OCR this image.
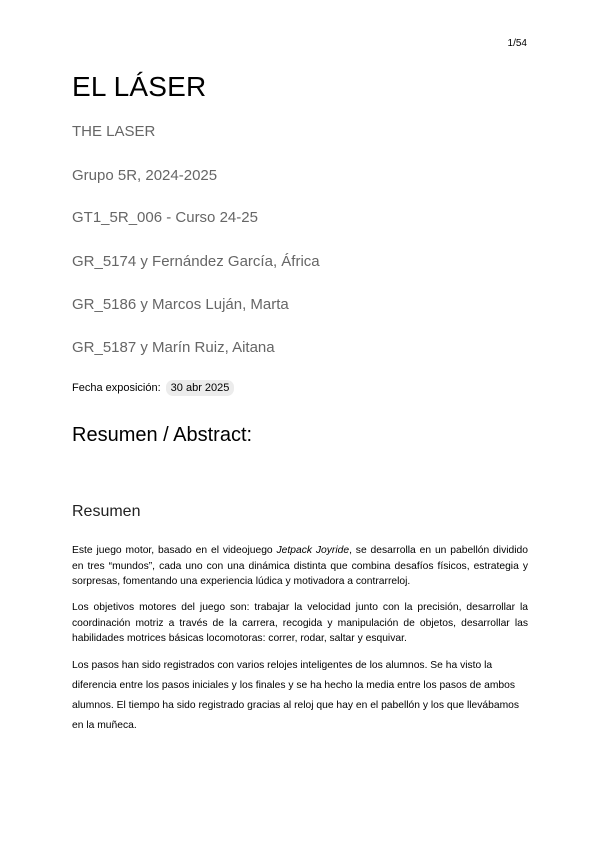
1/54
EL LÁSER

THE LASER

Grupo 5R, 2024-2025

GT1_5R_006 - Curso 24-25

GR_5174 y Fernández García, África

GR_5186 y Marcos Luján, Marta

GR_5187 y Marín Ruiz, Aitana

Fecha exposición: 30 abr 2025
Resumen / Abstract:
Resumen

Este juego motor, basado en el videojuego Jetpack Joyride, se desarrolla en un pabellón dividido en tres “mundos”, cada uno con una dinámica distinta que combina desafíos físicos, estrategia y sorpresas, fomentando una experiencia lúdica y motivadora a contrarreloj.

Los objetivos motores del juego son: trabajar la velocidad junto con la precisión, desarrollar la coordinación motriz a través de la carrera, recogida y manipulación de objetos, desarrollar las habilidades motrices básicas locomotoras: correr, rodar, saltar y esquivar.

Los pasos han sido registrados con varios relojes inteligentes de los alumnos. Se ha visto la diferencia entre los pasos iniciales y los finales y se ha hecho la media entre los pasos de ambos alumnos. El tiempo ha sido registrado gracias al reloj que hay en el pabellón y los que llevábamos en la muñeca.
